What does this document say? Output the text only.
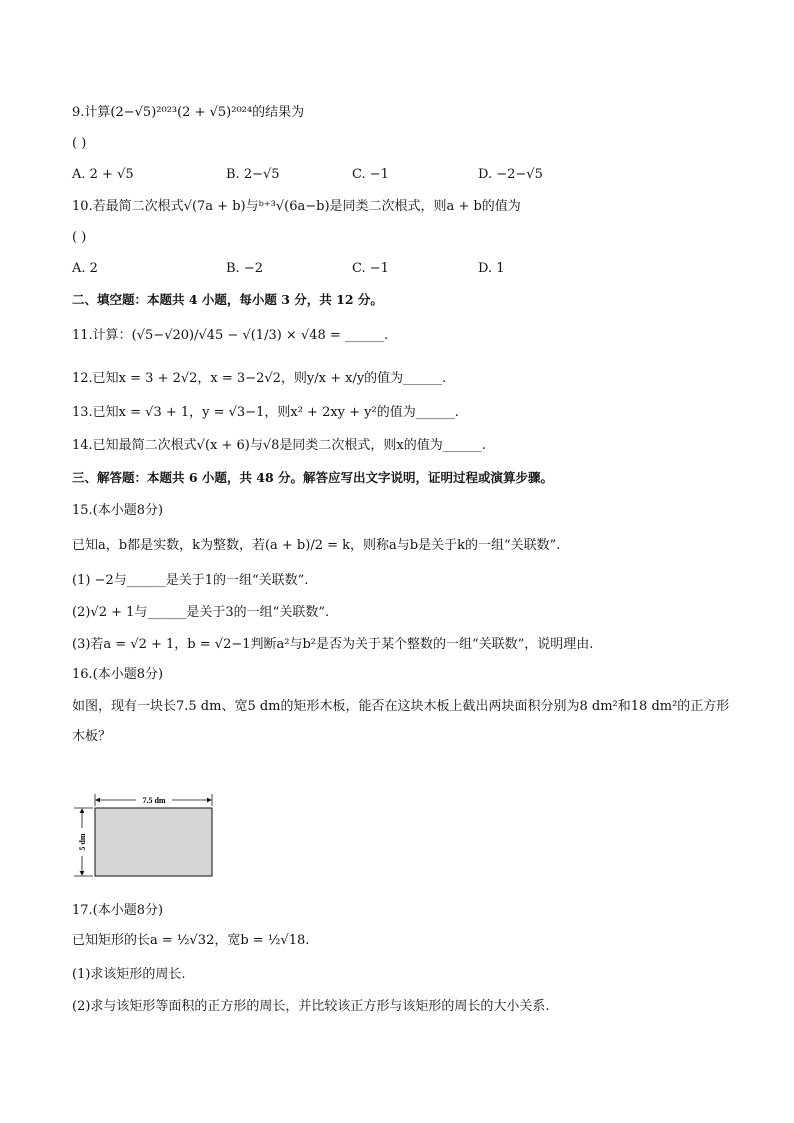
9.计算(2−√5)²⁰²³(2 + √5)²⁰²⁴的结果为
( )
A. 2 + √5	B. 2−√5	C. −1	D. −2−√5
10.若最简二次根式√(7a + b)与ᵇ⁺³√(6a−b)是同类二次根式，则a + b的值为
( )
A. 2	B. −2	C. −1	D. 1
二、填空题：本题共 4 小题，每小题 3 分，共 12 分。
11.计算：(√5−√20)/√45 − √(1/3) × √48 = ______.
12.已知x = 3 + 2√2，x = 3−2√2，则y/x + x/y的值为______.
13.已知x = √3 + 1，y = √3−1，则x² + 2xy + y²的值为______.
14.已知最简二次根式√(x + 6)与√8是同类二次根式，则x的值为______.
三、解答题：本题共 6 小题，共 48 分。解答应写出文字说明，证明过程或演算步骤。
15.(本小题8分)
已知a，b都是实数，k为整数，若(a + b)/2 = k，则称a与b是关于k的一组“关联数”.
(1) −2与______是关于1的一组“关联数”.
(2)√2 + 1与______是关于3的一组“关联数”.
(3)若a = √2 + 1，b = √2−1判断a²与b²是否为关于某个整数的一组“关联数”，说明理由.
16.(本小题8分)
如图，现有一块长7.5 dm、宽5 dm的矩形木板，能否在这块木板上截出两块面积分别为8 dm²和18 dm²的正方形木板？
7.5 dm
5 dm
17.(本小题8分)
已知矩形的长a = ½√32，宽b = ½√18.
(1)求该矩形的周长.
(2)求与该矩形等面积的正方形的周长，并比较该正方形与该矩形的周长的大小关系.
